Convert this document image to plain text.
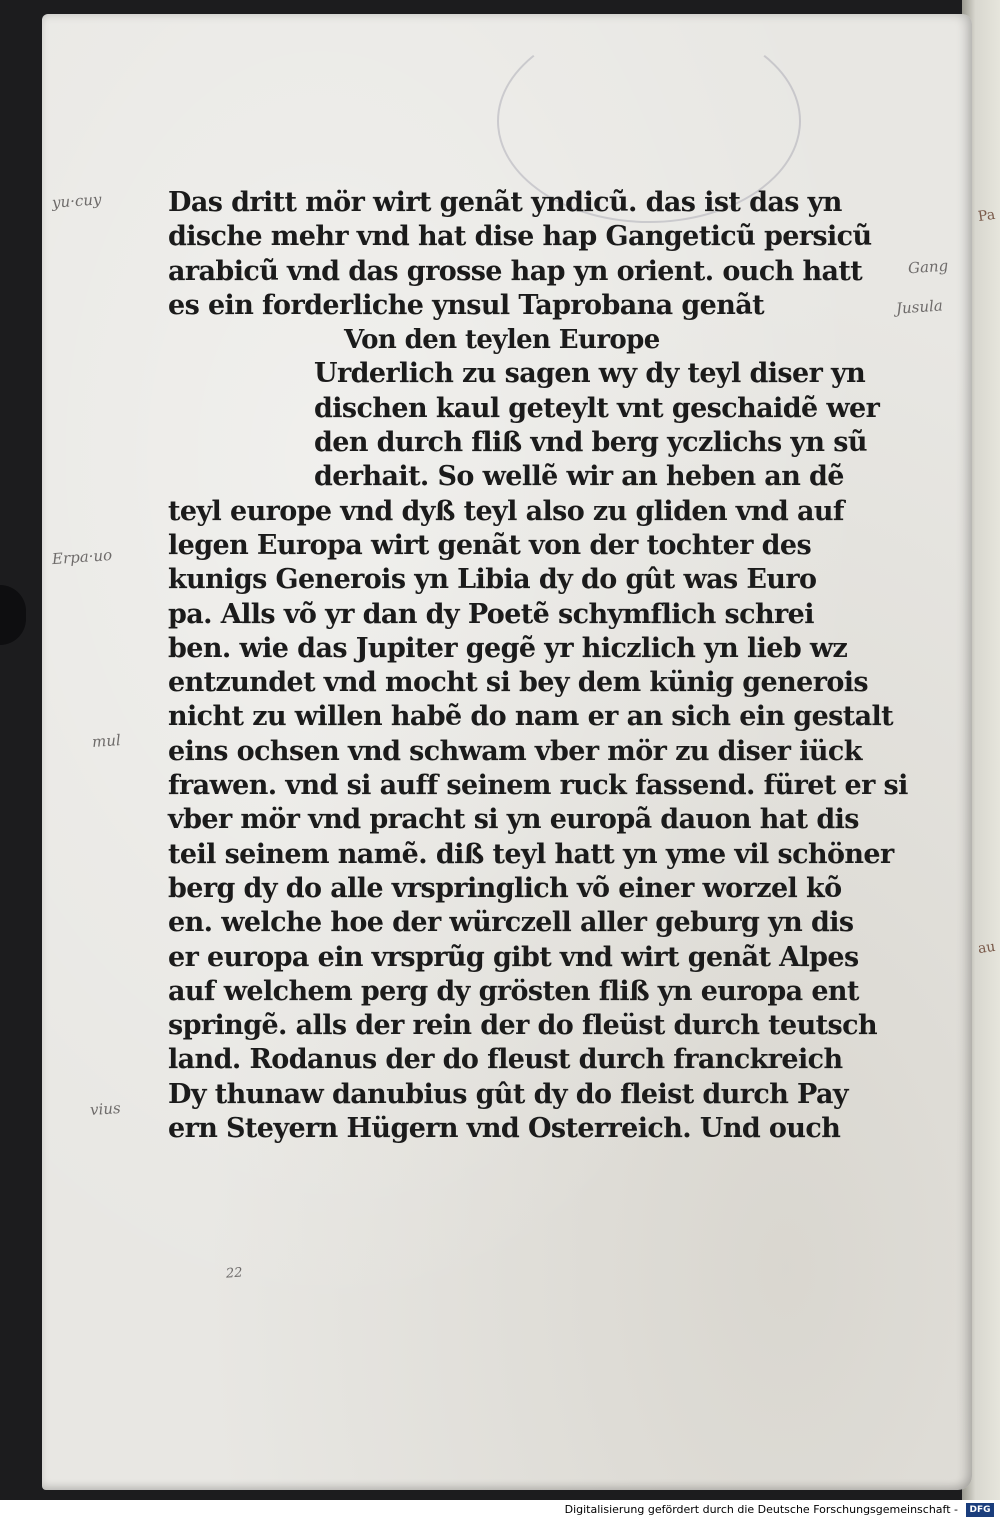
Pa
au
Das dritt mör wirt genãt yndicũ. das ist das yn
dische mehr vnd hat dise hap Gangeticũ persicũ
arabicũ vnd das grosse hap yn orient. ouch hatt
es ein forderliche ynsul Taprobana genãt
Von den teylen Europe
Urderlich zu sagen wy dy teyl diser yn
dischen kaul geteylt vnt geschaidẽ wer
den durch fliß vnd berg yczlichs yn sũ
derhait. So wellẽ wir an heben an dẽ
teyl europe vnd dyß teyl also zu gliden vnd auf
legen Europa wirt genãt von der tochter des
kunigs Generois yn Libia dy do gût was Euro
pa. Alls võ yr dan dy Poetẽ schymflich schrei
ben. wie das Jupiter gegẽ yr hiczlich yn lieb wz
entzundet vnd mocht si bey dem künig generois
nicht zu willen habẽ do nam er an sich ein gestalt
eins ochsen vnd schwam vber mör zu diser iück
frawen. vnd si auff seinem ruck fassend. füret er si
vber mör vnd pracht si yn europã dauon hat dis
teil seinem namẽ. diß teyl hatt yn yme vil schöner
berg dy do alle vrspringlich võ einer worzel kõ
en. welche hoe der würczell aller geburg yn dis
er europa ein vrsprũg gibt vnd wirt genãt Alpes
auf welchem perg dy grösten fliß yn europa ent
springẽ. alls der rein der do fleüst durch teutsch
land. Rodanus der do fleust durch franckreich
Dy thunaw danubius gût dy do fleist durch Pay
ern Steyern Hügern vnd Osterreich. Und ouch
yu·cuy
Erpa·uo
mul
vius
Gang
Jusula
22
Digitalisierung gefördert durch die Deutsche Forschungsgemeinschaft -	DFG
